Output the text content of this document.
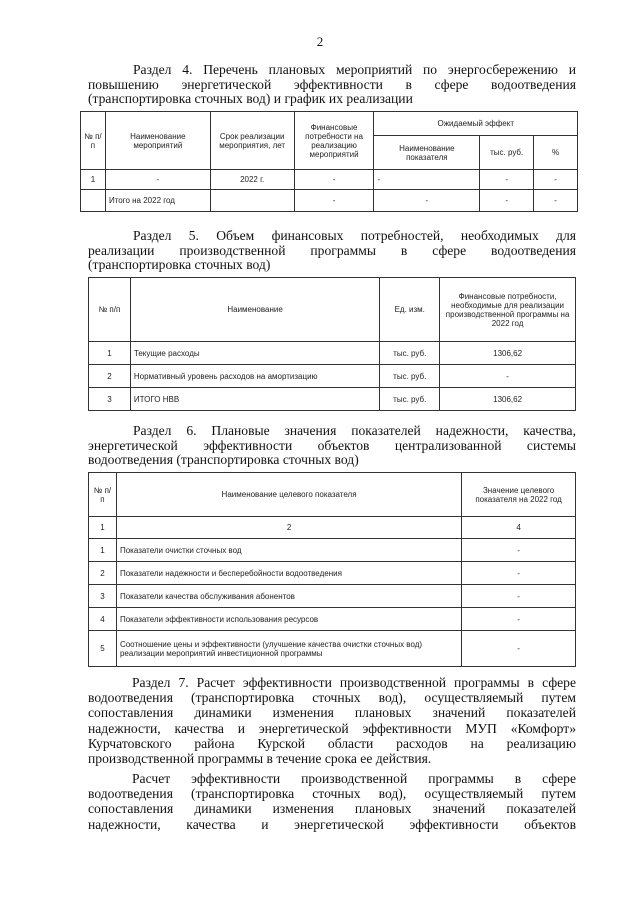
2
Раздел 4. Перечень плановых мероприятий по энергосбережению и
повышению энергетической эффективности в сфере водоотведения
(транспортировка сточных вод) и график их реализации
№ п/п	Наименование мероприятий	Срок реализации мероприятия, лет	Финансовые потребности на реализацию мероприятий	Ожидаемый эффект		
				Наименование показателя	тыс. руб.	%
1	-	2022 г.	-	-	-	-
	Итого на 2022 год		-	-	-	-
Раздел 5. Объем финансовых потребностей, необходимых для
реализации производственной программы в сфере водоотведения
(транспортировка сточных вод)
№ п/п	Наименование	Ед. изм.	Финансовые потребности, необходимые для реализации производственной программы на 2022 год
1	Текущие расходы	тыс. руб.	1306,62
2	Нормативный уровень расходов на амортизацию	тыс. руб.	-
3	ИТОГО НВВ	тыс. руб.	1306,62
Раздел 6. Плановые значения показателей надежности, качества,
энергетической эффективности объектов централизованной системы
водоотведения (транспортировка сточных вод)
№ п/п	Наименование целевого показателя	Значение целевого показателя на 2022 год
1	2	4
1	Показатели очистки сточных вод	-
2	Показатели надежности и бесперебойности водоотведения	-
3	Показатели качества обслуживания абонентов	-
4	Показатели эффективности использования ресурсов	-
5	Соотношение цены и эффективности (улучшение качества очистки сточных вод) реализации мероприятий инвестиционной программы	-
Раздел 7. Расчет эффективности производственной программы в сфере
водоотведения (транспортировка сточных вод), осуществляемый путем
сопоставления динамики изменения плановых значений показателей
надежности, качества и энергетической эффективности МУП «Комфорт»
Курчатовского района Курской области расходов на реализацию
производственной программы в течение срока ее действия.
Расчет эффективности производственной программы в сфере
водоотведения (транспортировка сточных вод), осуществляемый путем
сопоставления динамики изменения плановых значений показателей
надежности, качества и энергетической эффективности объектов
